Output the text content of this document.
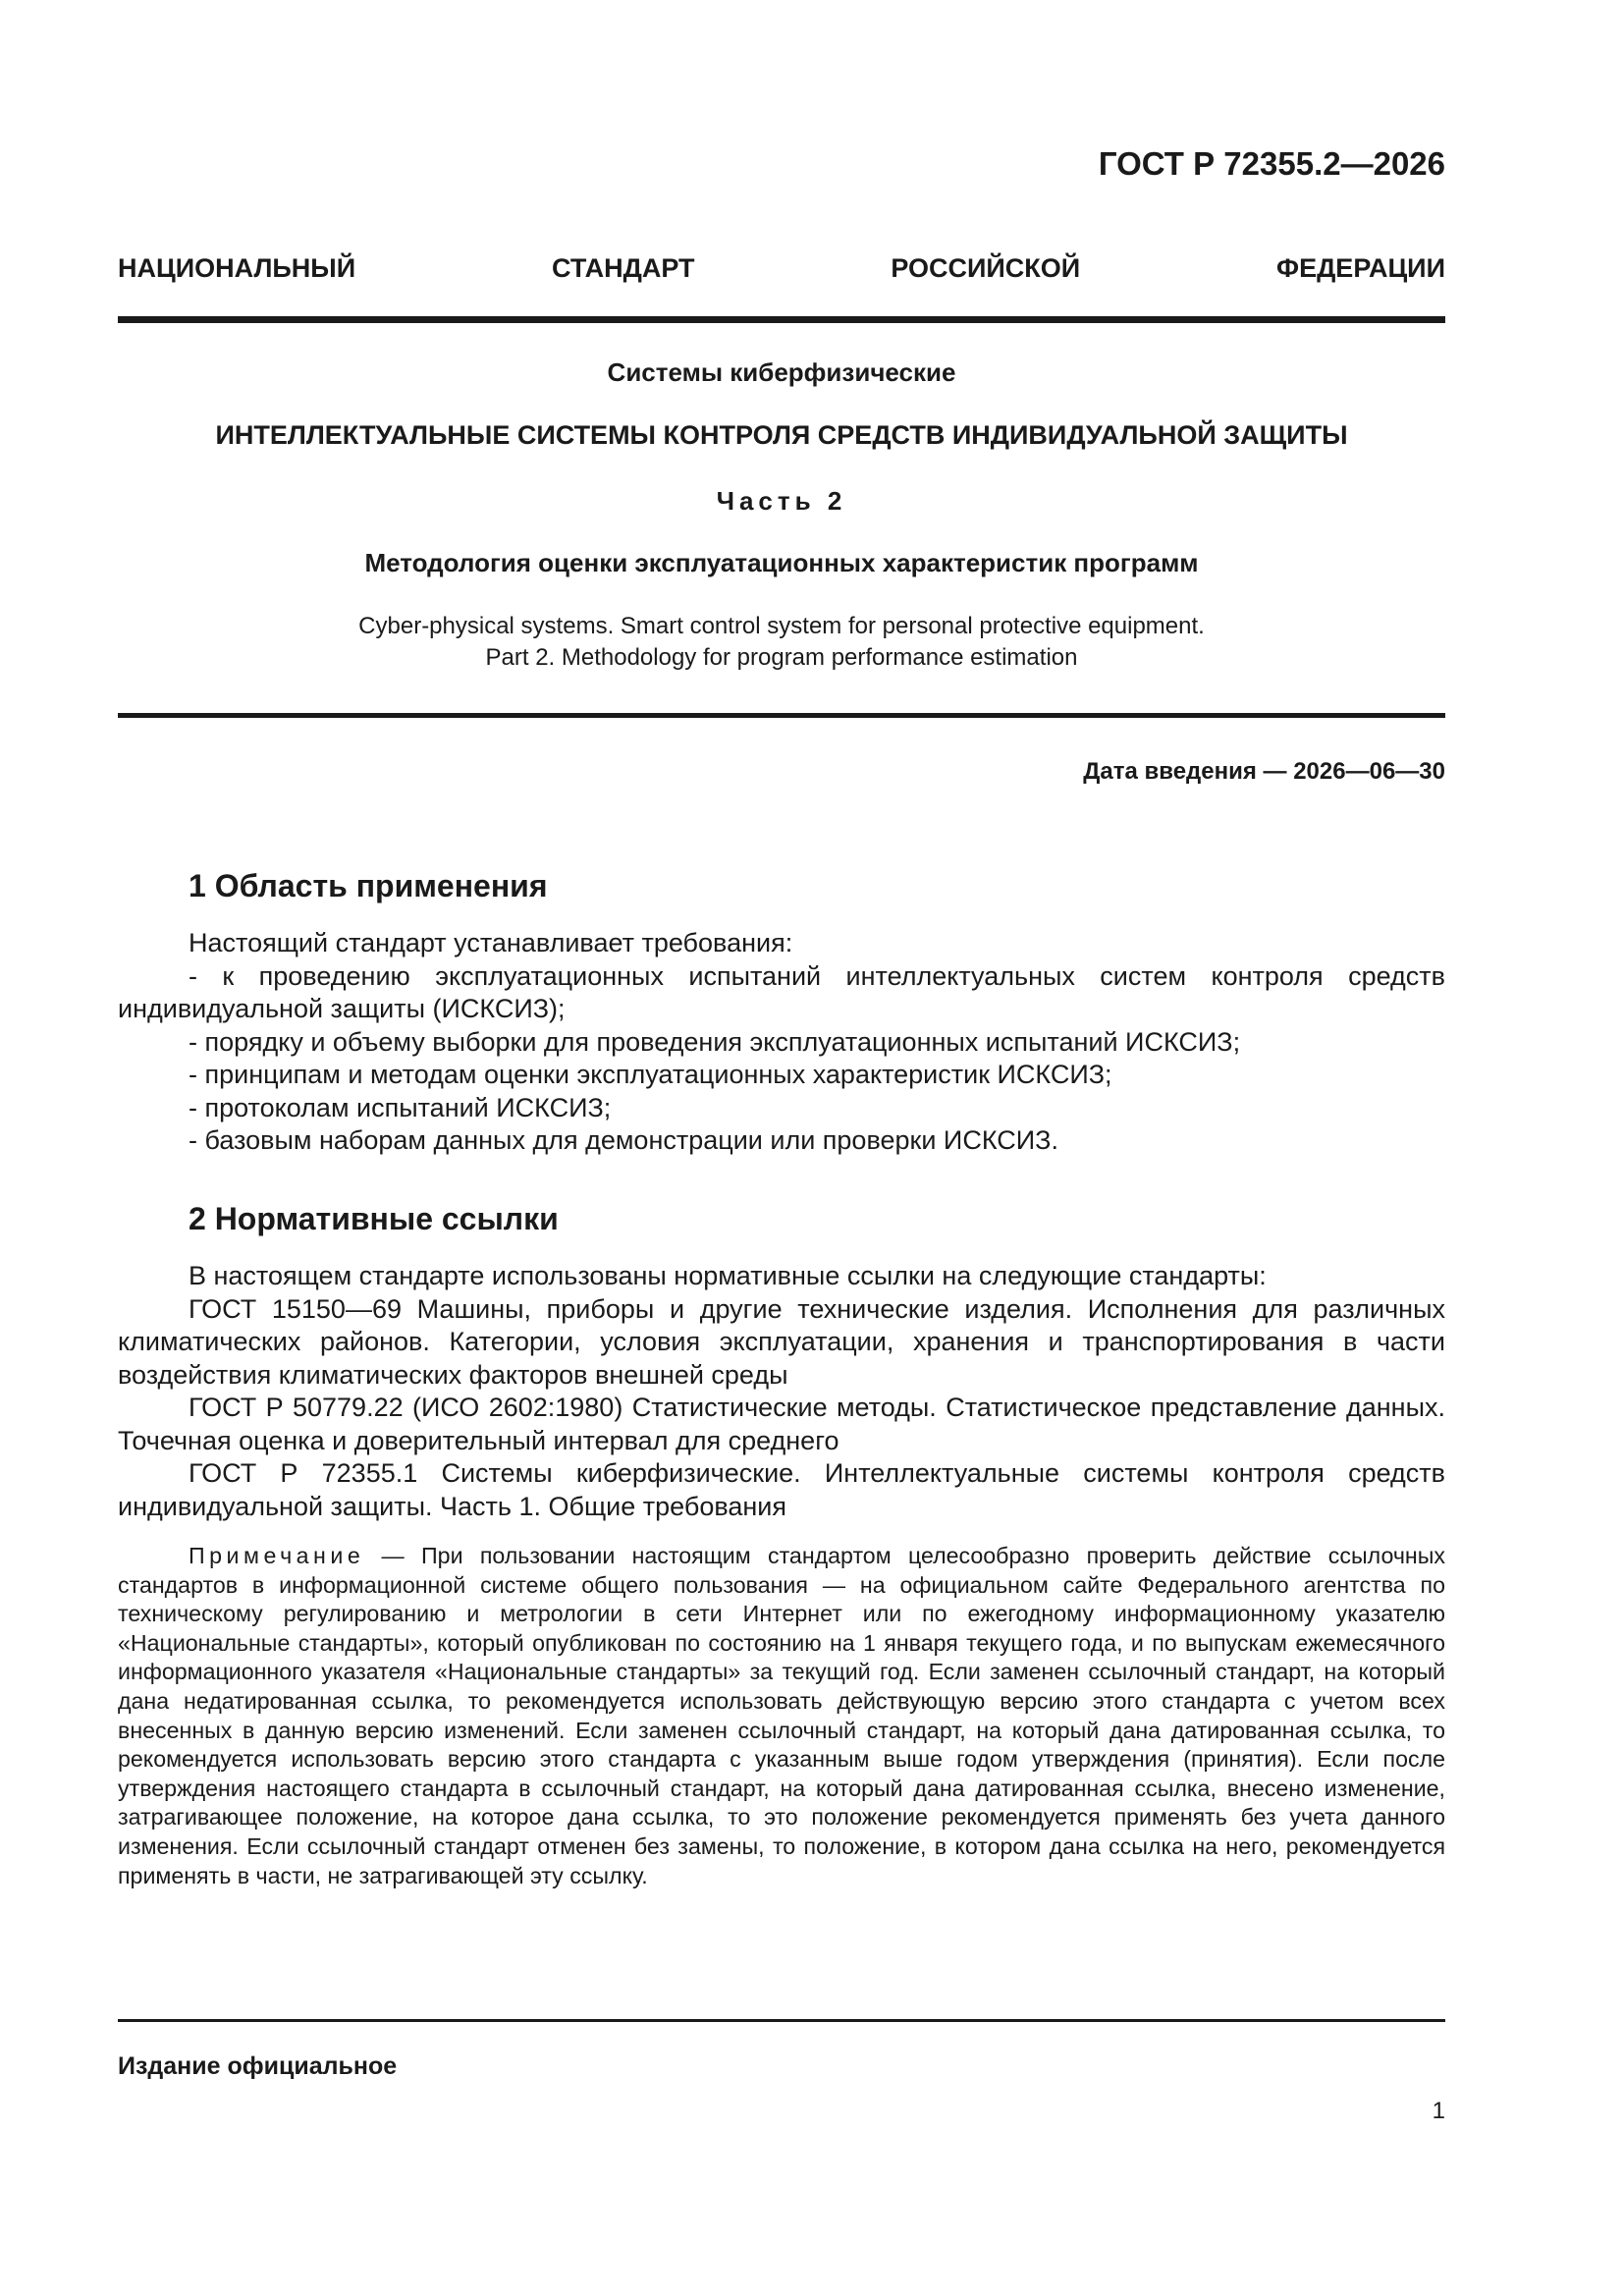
ГОСТ Р 72355.2—2026
НАЦИОНАЛЬНЫЙ СТАНДАРТ РОССИЙСКОЙ ФЕДЕРАЦИИ
Системы киберфизические
ИНТЕЛЛЕКТУАЛЬНЫЕ СИСТЕМЫ КОНТРОЛЯ СРЕДСТВ ИНДИВИДУАЛЬНОЙ ЗАЩИТЫ
Часть 2
Методология оценки эксплуатационных характеристик программ
Cyber-physical systems. Smart control system for personal protective equipment.
Part 2. Methodology for program performance estimation
Дата введения — 2026—06—30
1 Область применения

Настоящий стандарт устанавливает требования:

- к проведению эксплуатационных испытаний интеллектуальных систем контроля средств индивидуальной защиты (ИСКСИЗ);

- порядку и объему выборки для проведения эксплуатационных испытаний ИСКСИЗ;

- принципам и методам оценки эксплуатационных характеристик ИСКСИЗ;

- протоколам испытаний ИСКСИЗ;

- базовым наборам данных для демонстрации или проверки ИСКСИЗ.

2 Нормативные ссылки

В настоящем стандарте использованы нормативные ссылки на следующие стандарты:

ГОСТ 15150—69 Машины, приборы и другие технические изделия. Исполнения для различных климатических районов. Категории, условия эксплуатации, хранения и транспортирования в части воздействия климатических факторов внешней среды

ГОСТ Р 50779.22 (ИСО 2602:1980) Статистические методы. Статистическое представление данных. Точечная оценка и доверительный интервал для среднего

ГОСТ Р 72355.1 Системы киберфизические. Интеллектуальные системы контроля средств индивидуальной защиты. Часть 1. Общие требования

Примечание — При пользовании настоящим стандартом целесообразно проверить действие ссылочных стандартов в информационной системе общего пользования — на официальном сайте Федерального агентства по техническому регулированию и метрологии в сети Интернет или по ежегодному информационному указателю «Национальные стандарты», который опубликован по состоянию на 1 января текущего года, и по выпускам ежемесячного информационного указателя «Национальные стандарты» за текущий год. Если заменен ссылочный стандарт, на который дана недатированная ссылка, то рекомендуется использовать действующую версию этого стандарта с учетом всех внесенных в данную версию изменений. Если заменен ссылочный стандарт, на который дана датированная ссылка, то рекомендуется использовать версию этого стандарта с указанным выше годом утверждения (принятия). Если после утверждения настоящего стандарта в ссылочный стандарт, на который дана датированная ссылка, внесено изменение, затрагивающее положение, на которое дана ссылка, то это положение рекомендуется применять без учета данного изменения. Если ссылочный стандарт отменен без замены, то положение, в котором дана ссылка на него, рекомендуется применять в части, не затрагивающей эту ссылку.
Издание официальное
1
